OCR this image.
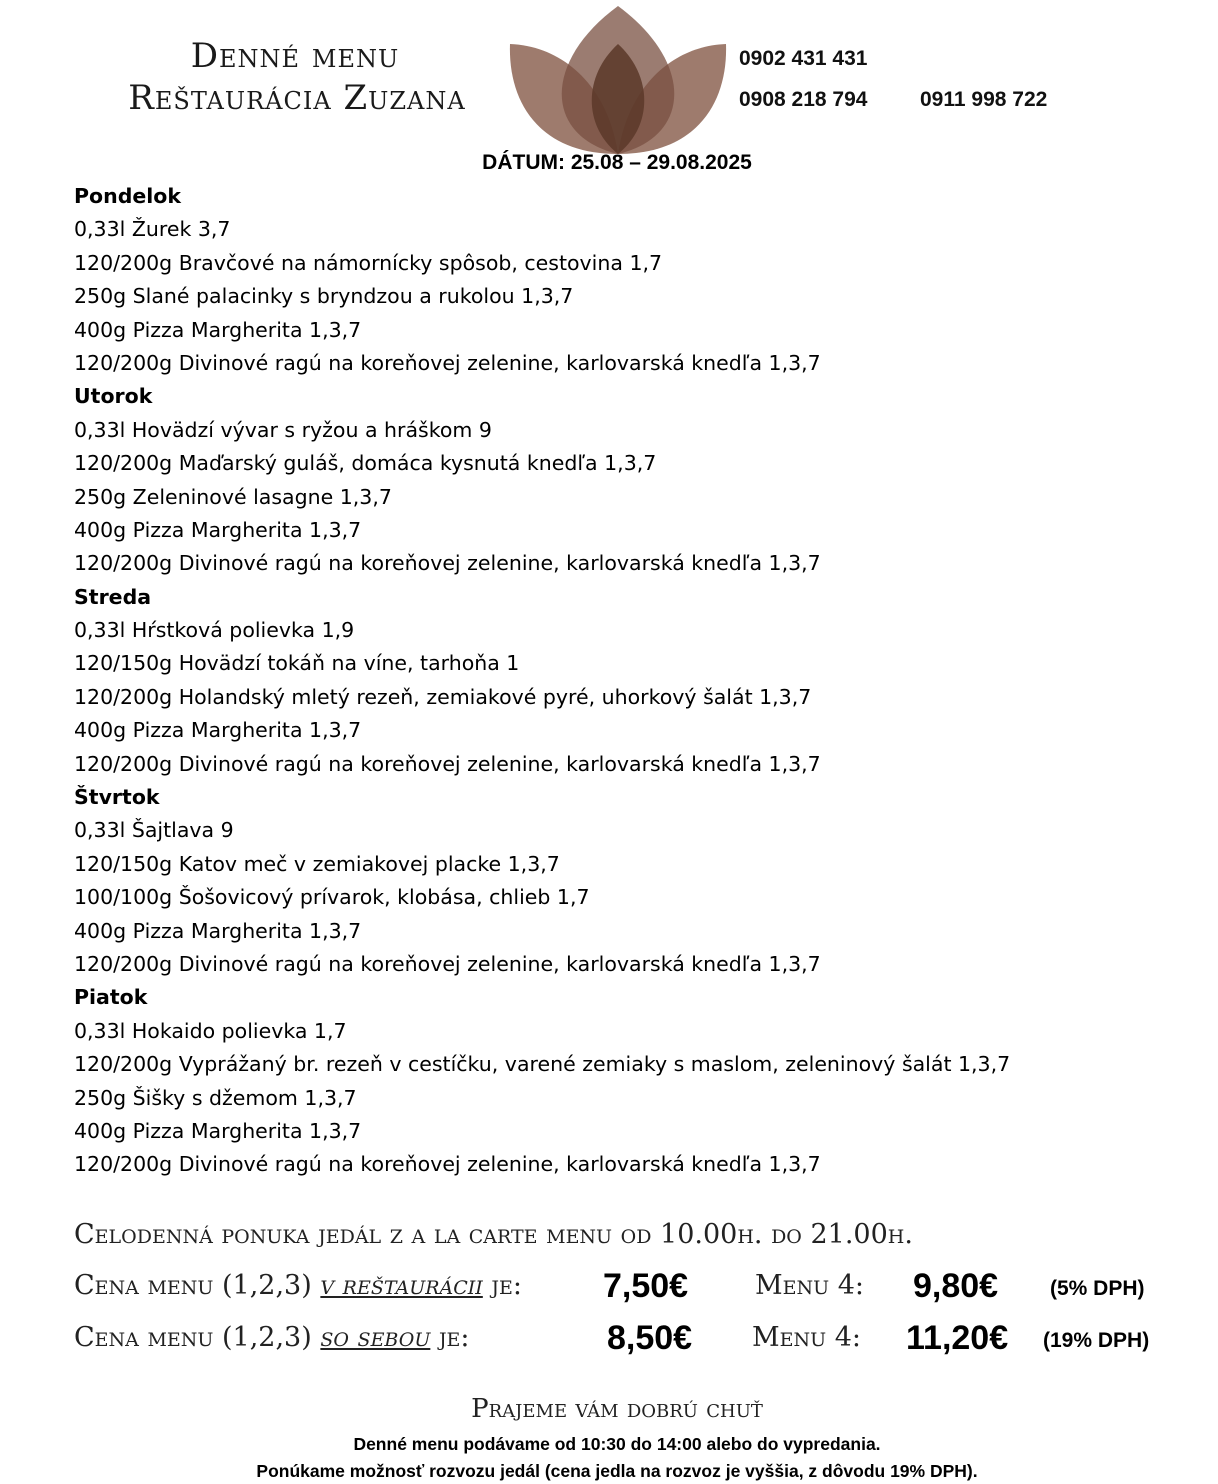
Denné menu
Reštaurácia Zuzana
0902 431 431
0908 218 794	0911 998 722
DÁTUM: 25.08 – 29.08.2025
Pondelok
0,33l Žurek 3,7
120/200g Bravčové na námornícky spôsob, cestovina 1,7
250g Slané palacinky s bryndzou a rukolou 1,3,7
400g Pizza Margherita 1,3,7
120/200g Divinové ragú na koreňovej zelenine, karlovarská knedľa 1,3,7
Utorok
0,33l Hovädzí vývar s ryžou a hráškom 9
120/200g Maďarský guláš, domáca kysnutá knedľa 1,3,7
250g Zeleninové lasagne 1,3,7
400g Pizza Margherita 1,3,7
120/200g Divinové ragú na koreňovej zelenine, karlovarská knedľa 1,3,7
Streda
0,33l Hŕstková polievka 1,9
120/150g Hovädzí tokáň na víne, tarhoňa 1
120/200g Holandský mletý rezeň, zemiakové pyré, uhorkový šalát 1,3,7
400g Pizza Margherita 1,3,7
120/200g Divinové ragú na koreňovej zelenine, karlovarská knedľa 1,3,7
Štvrtok
0,33l Šajtlava 9
120/150g Katov meč v zemiakovej placke 1,3,7
100/100g Šošovicový prívarok, klobása, chlieb 1,7
400g Pizza Margherita 1,3,7
120/200g Divinové ragú na koreňovej zelenine, karlovarská knedľa 1,3,7
Piatok
0,33l Hokaido polievka 1,7
120/200g Vyprážaný br. rezeň v cestíčku, varené zemiaky s maslom, zeleninový šalát 1,3,7
250g Šišky s džemom 1,3,7
400g Pizza Margherita 1,3,7
120/200g Divinové ragú na koreňovej zelenine, karlovarská knedľa 1,3,7
Celodenná ponuka jedál z a la carte menu od 10.00h. do 21.00h.
Cena menu (1,2,3) v reštaurácii je: 7,50€ Menu 4: 9,80€ (5% DPH)
Cena menu (1,2,3) so sebou je:	8,50€ Menu 4: 11,20€ (19% DPH)
Prajeme vám dobrú chuť
Denné menu podávame od 10:30 do 14:00 alebo do vypredania.
Ponúkame možnosť rozvozu jedál (cena jedla na rozvoz je vyššia, z dôvodu 19% DPH).
